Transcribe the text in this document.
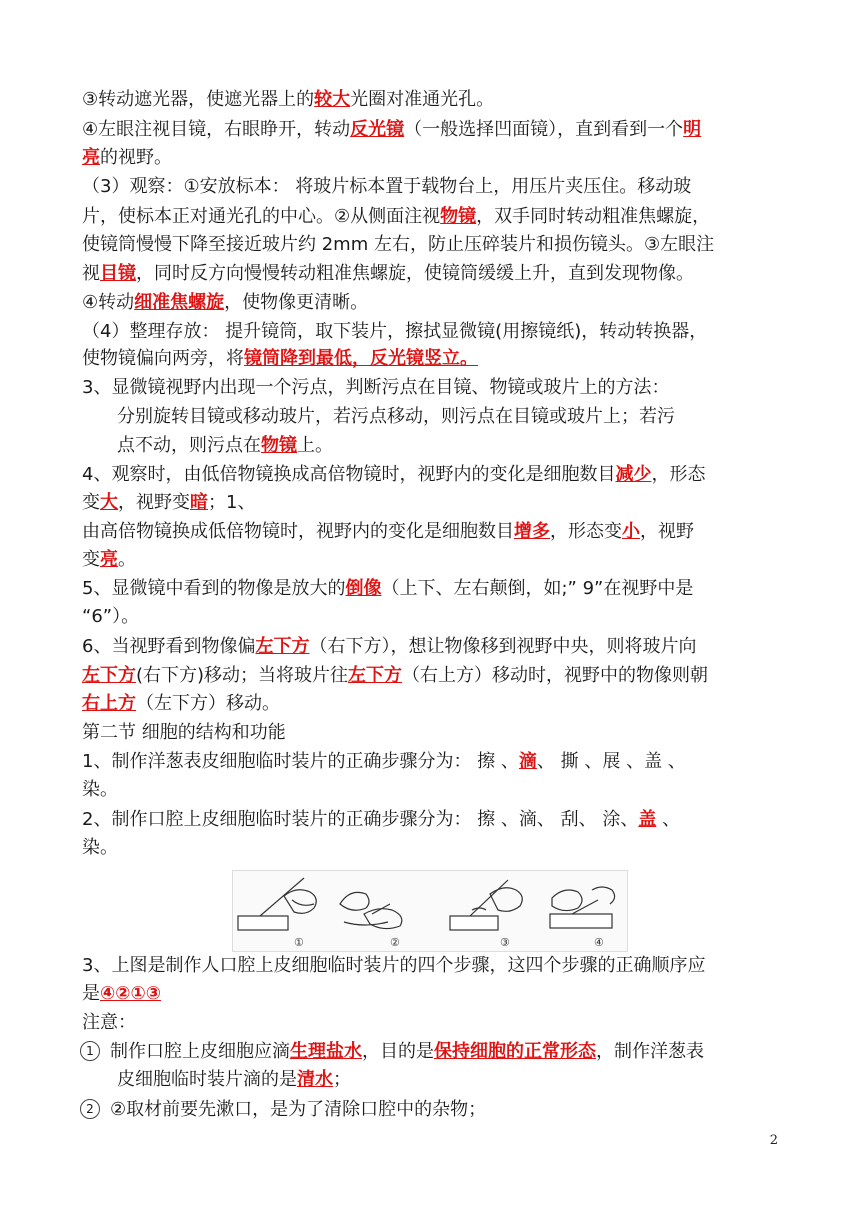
③转动遮光器，使遮光器上的较大光圈对准通光孔。
④左眼注视目镜，右眼睁开，转动反光镜（一般选择凹面镜），直到看到一个明
亮的视野。
（3）观察：①安放标本： 将玻片标本置于载物台上，用压片夹压住。移动玻
片，使标本正对通光孔的中心。②从侧面注视物镜，双手同时转动粗准焦螺旋，
使镜筒慢慢下降至接近玻片约 2mm 左右，防止压碎装片和损伤镜头。③左眼注
视目镜，同时反方向慢慢转动粗准焦螺旋，使镜筒缓缓上升，直到发现物像。
④转动细准焦螺旋，使物像更清晰。
（4）整理存放： 提升镜筒，取下装片，擦拭显微镜(用擦镜纸)，转动转换器，
使物镜偏向两旁，将镜筒降到最低，反光镜竖立。
3、显微镜视野内出现一个污点，判断污点在目镜、物镜或玻片上的方法：
分别旋转目镜或移动玻片，若污点移动，则污点在目镜或玻片上；若污
点不动，则污点在物镜上。
4、观察时，由低倍物镜换成高倍物镜时，视野内的变化是细胞数目减少，形态
变大，视野变暗；1、
由高倍物镜换成低倍物镜时，视野内的变化是细胞数目增多，形态变小，视野
变亮。
5、显微镜中看到的物像是放大的倒像（上下、左右颠倒，如;” 9”在视野中是
“6”）。
6、当视野看到物像偏左下方（右下方），想让物像移到视野中央，则将玻片向
左下方(右下方)移动；当将玻片往左下方（右上方）移动时，视野中的物像则朝
右上方（左下方）移动。
第二节 细胞的结构和功能
1、制作洋葱表皮细胞临时装片的正确步骤分为： 擦 、滴、 撕 、展 、盖 、
染。
2、制作口腔上皮细胞临时装片的正确步骤分为： 擦 、滴、 刮、 涂、盖 、
染。
3、上图是制作人口腔上皮细胞临时装片的四个步骤，这四个步骤的正确顺序应
是④②①③
注意：
1 制作口腔上皮细胞应滴生理盐水，目的是保持细胞的正常形态，制作洋葱表
皮细胞临时装片滴的是清水；
2 ②取材前要先漱口，是为了清除口腔中的杂物；
①	②	③	④
2
